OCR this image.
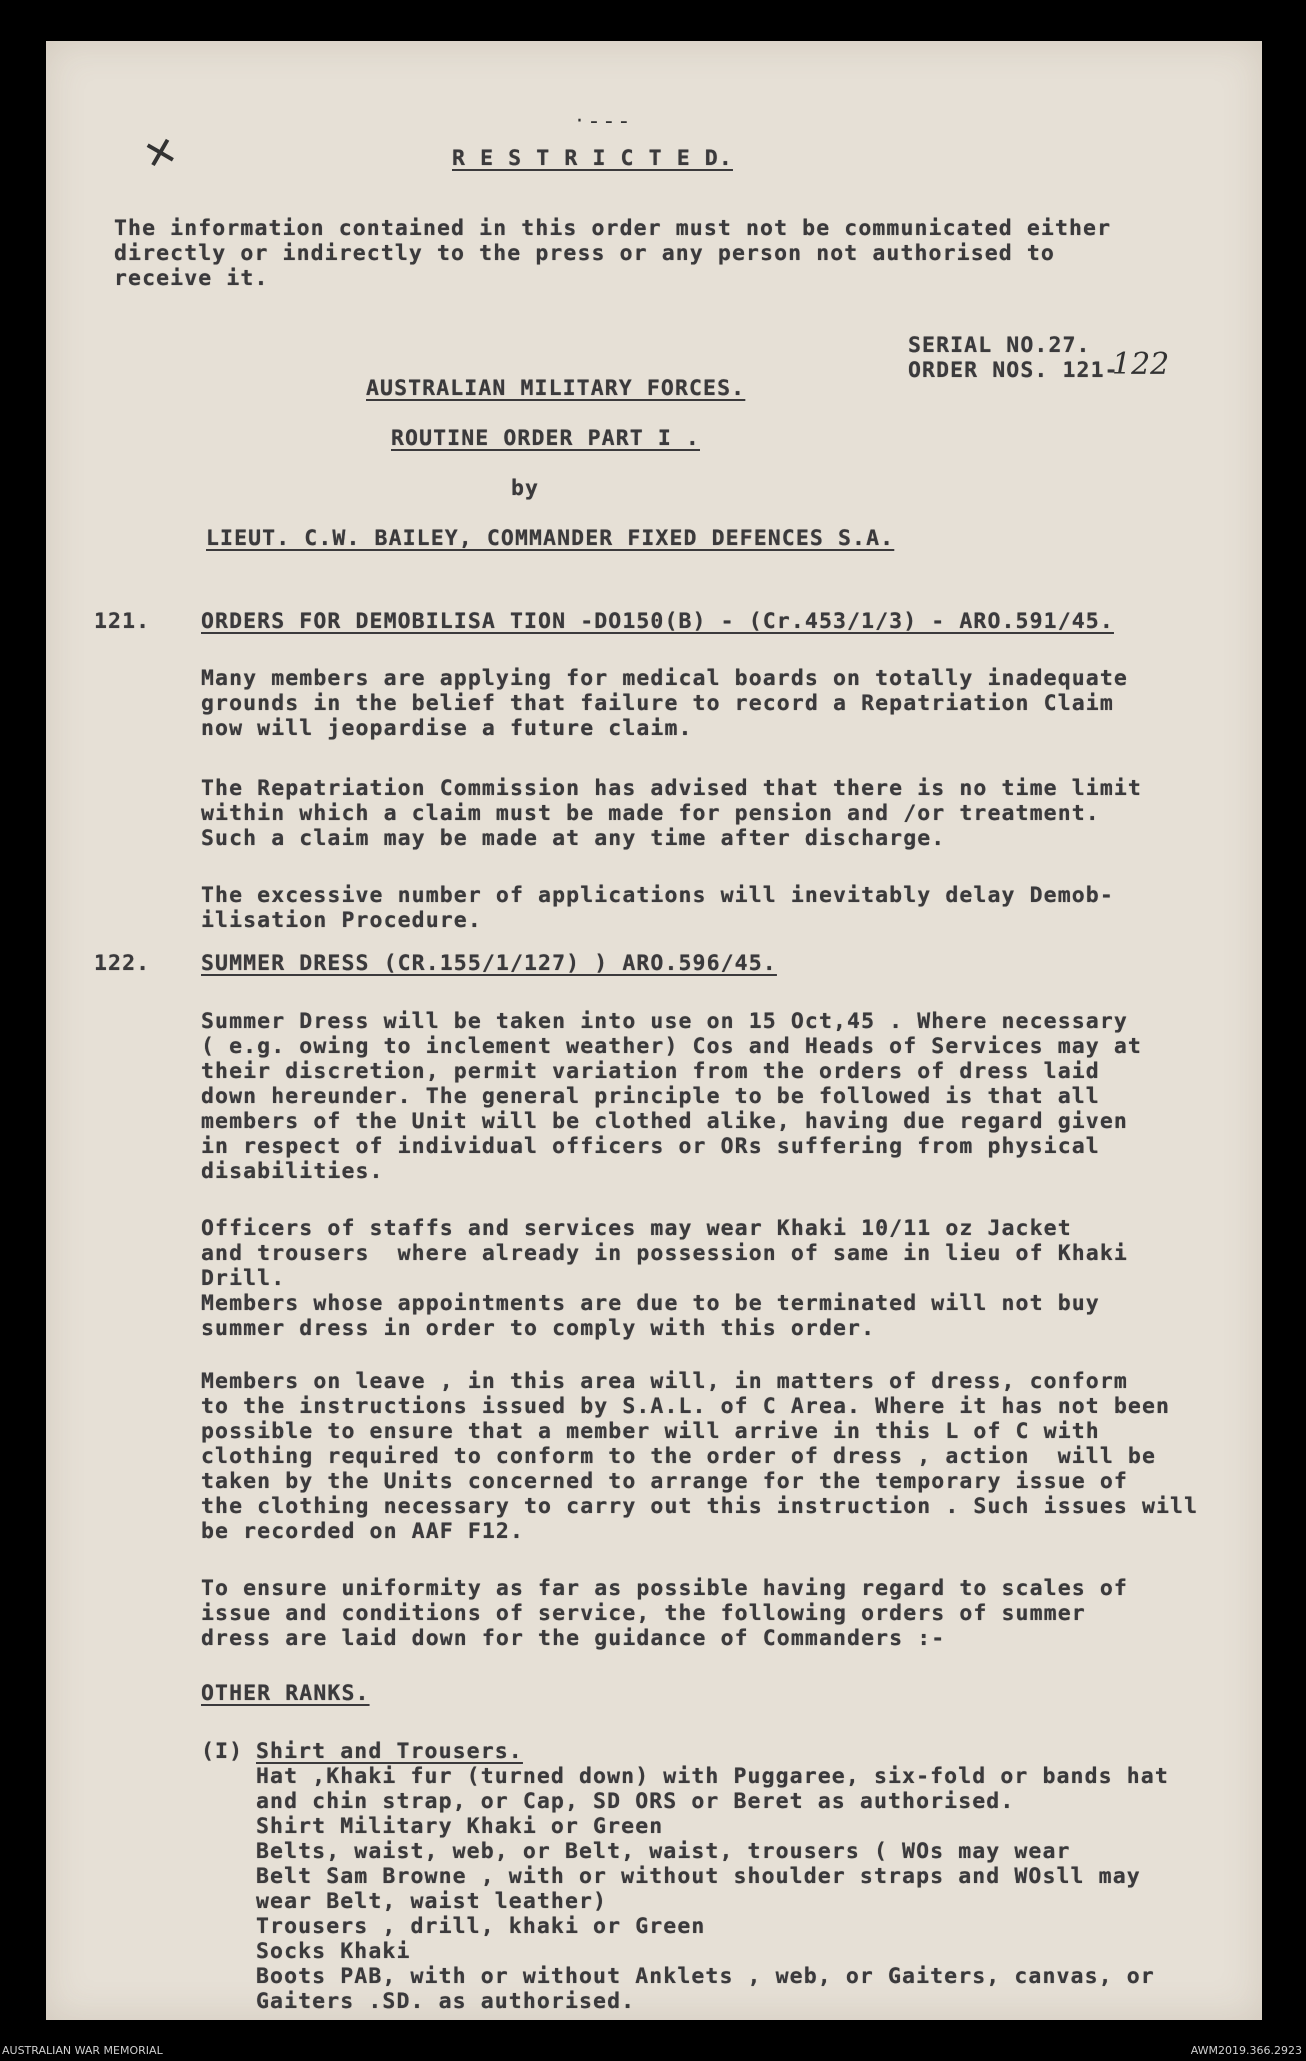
✕
· ‑ ‑ ‑
R E S T R I C T E D.
The information contained in this order must not be communicated either
directly or indirectly to the press or any person not authorised to
receive it.
SERIAL NO.27.
ORDER NOS. 121-
122
AUSTRALIAN MILITARY FORCES.
ROUTINE ORDER PART I .
by
LIEUT. C.W. BAILEY, COMMANDER FIXED DEFENCES S.A.
121. ORDERS FOR DEMOBILISA TION -DO150(B) - (Cr.453/1/3) - ARO.591/45.
Many members are applying for medical boards on totally inadequate
grounds in the belief that failure to record a Repatriation Claim
now will jeopardise a future claim.
The Repatriation Commission has advised that there is no time limit
within which a claim must be made for pension and /or treatment.
Such a claim may be made at any time after discharge.
The excessive number of applications will inevitably delay Demob-
ilisation Procedure.
122. SUMMER DRESS (CR.155/1/127) ) ARO.596/45.
Summer Dress will be taken into use on 15 Oct,45 . Where necessary
( e.g. owing to inclement weather) Cos and Heads of Services may at
their discretion, permit variation from the orders of dress laid
down hereunder. The general principle to be followed is that all
members of the Unit will be clothed alike, having due regard given
in respect of individual officers or ORs suffering from physical
disabilities.
Officers of staffs and services may wear Khaki 10/11 oz Jacket
and trousers  where already in possession of same in lieu of Khaki
Drill.
Members whose appointments are due to be terminated will not buy
summer dress in order to comply with this order.
Members on leave , in this area will, in matters of dress, conform
to the instructions issued by S.A.L. of C Area. Where it has not been
possible to ensure that a member will arrive in this L of C with
clothing required to conform to the order of dress , action  will be
taken by the Units concerned to arrange for the temporary issue of
the clothing necessary to carry out this instruction . Such issues will
be recorded on AAF F12.
To ensure uniformity as far as possible having regard to scales of
issue and conditions of service, the following orders of summer
dress are laid down for the guidance of Commanders :-
OTHER RANKS.
(I) Shirt and Trousers.
Hat ,Khaki fur (turned down) with Puggaree, six-fold or bands hat
and chin strap, or Cap, SD ORS or Beret as authorised.
Shirt Military Khaki or Green
Belts, waist, web, or Belt, waist, trousers ( WOs may wear
Belt Sam Browne , with or without shoulder straps and WOsll may
wear Belt, waist leather)
Trousers , drill, khaki or Green
Socks Khaki
Boots PAB, with or without Anklets , web, or Gaiters, canvas, or
Gaiters .SD. as authorised.
AUSTRALIAN WAR MEMORIAL	AWM2019.366.2923
